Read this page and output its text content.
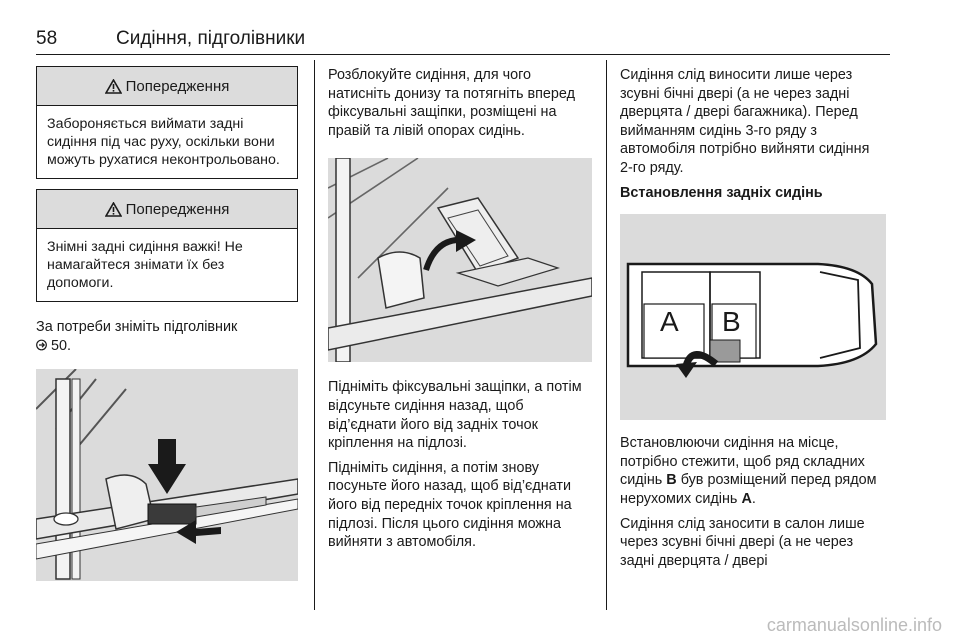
58	Сидіння, підголівники
Попередження
Забороняється виймати задні сидіння під час руху, оскільки вони можуть рухатися неконтрольовано.
Попередження
Знімні задні сидіння важкі! Не намагайтеся знімати їх без допомоги.

За потреби зніміть підголівник
50.

Розблокуйте сидіння, для чого натисніть донизу та потягніть вперед фіксувальні защіпки, розміщені на правій та лівій опорах сидінь.

Підніміть фіксувальні защіпки, а потім відсуньте сидіння назад, щоб від’єднати його від задніх точок кріплення на підлозі.

Підніміть сидіння, а потім знову посуньте його назад, щоб від’єднати його від передніх точок кріплення на підлозі. Після цього сидіння можна вийняти з автомобіля.

Сидіння слід виносити лише через зсувні бічні двері (а не через задні дверцята / двері багажника). Перед вийманням сидінь 3-го ряду з автомобіля потрібно вийняти сидіння 2-го ряду.

Встановлення задніх сидінь

A B

Встановлюючи сидіння на місце, потрібно стежити, щоб ряд складних сидінь B був розміщений перед рядом нерухомих сидінь A.

Сидіння слід заносити в салон лише через зсувні бічні двері (а не через задні дверцята / двері

carmanualsonline.info
